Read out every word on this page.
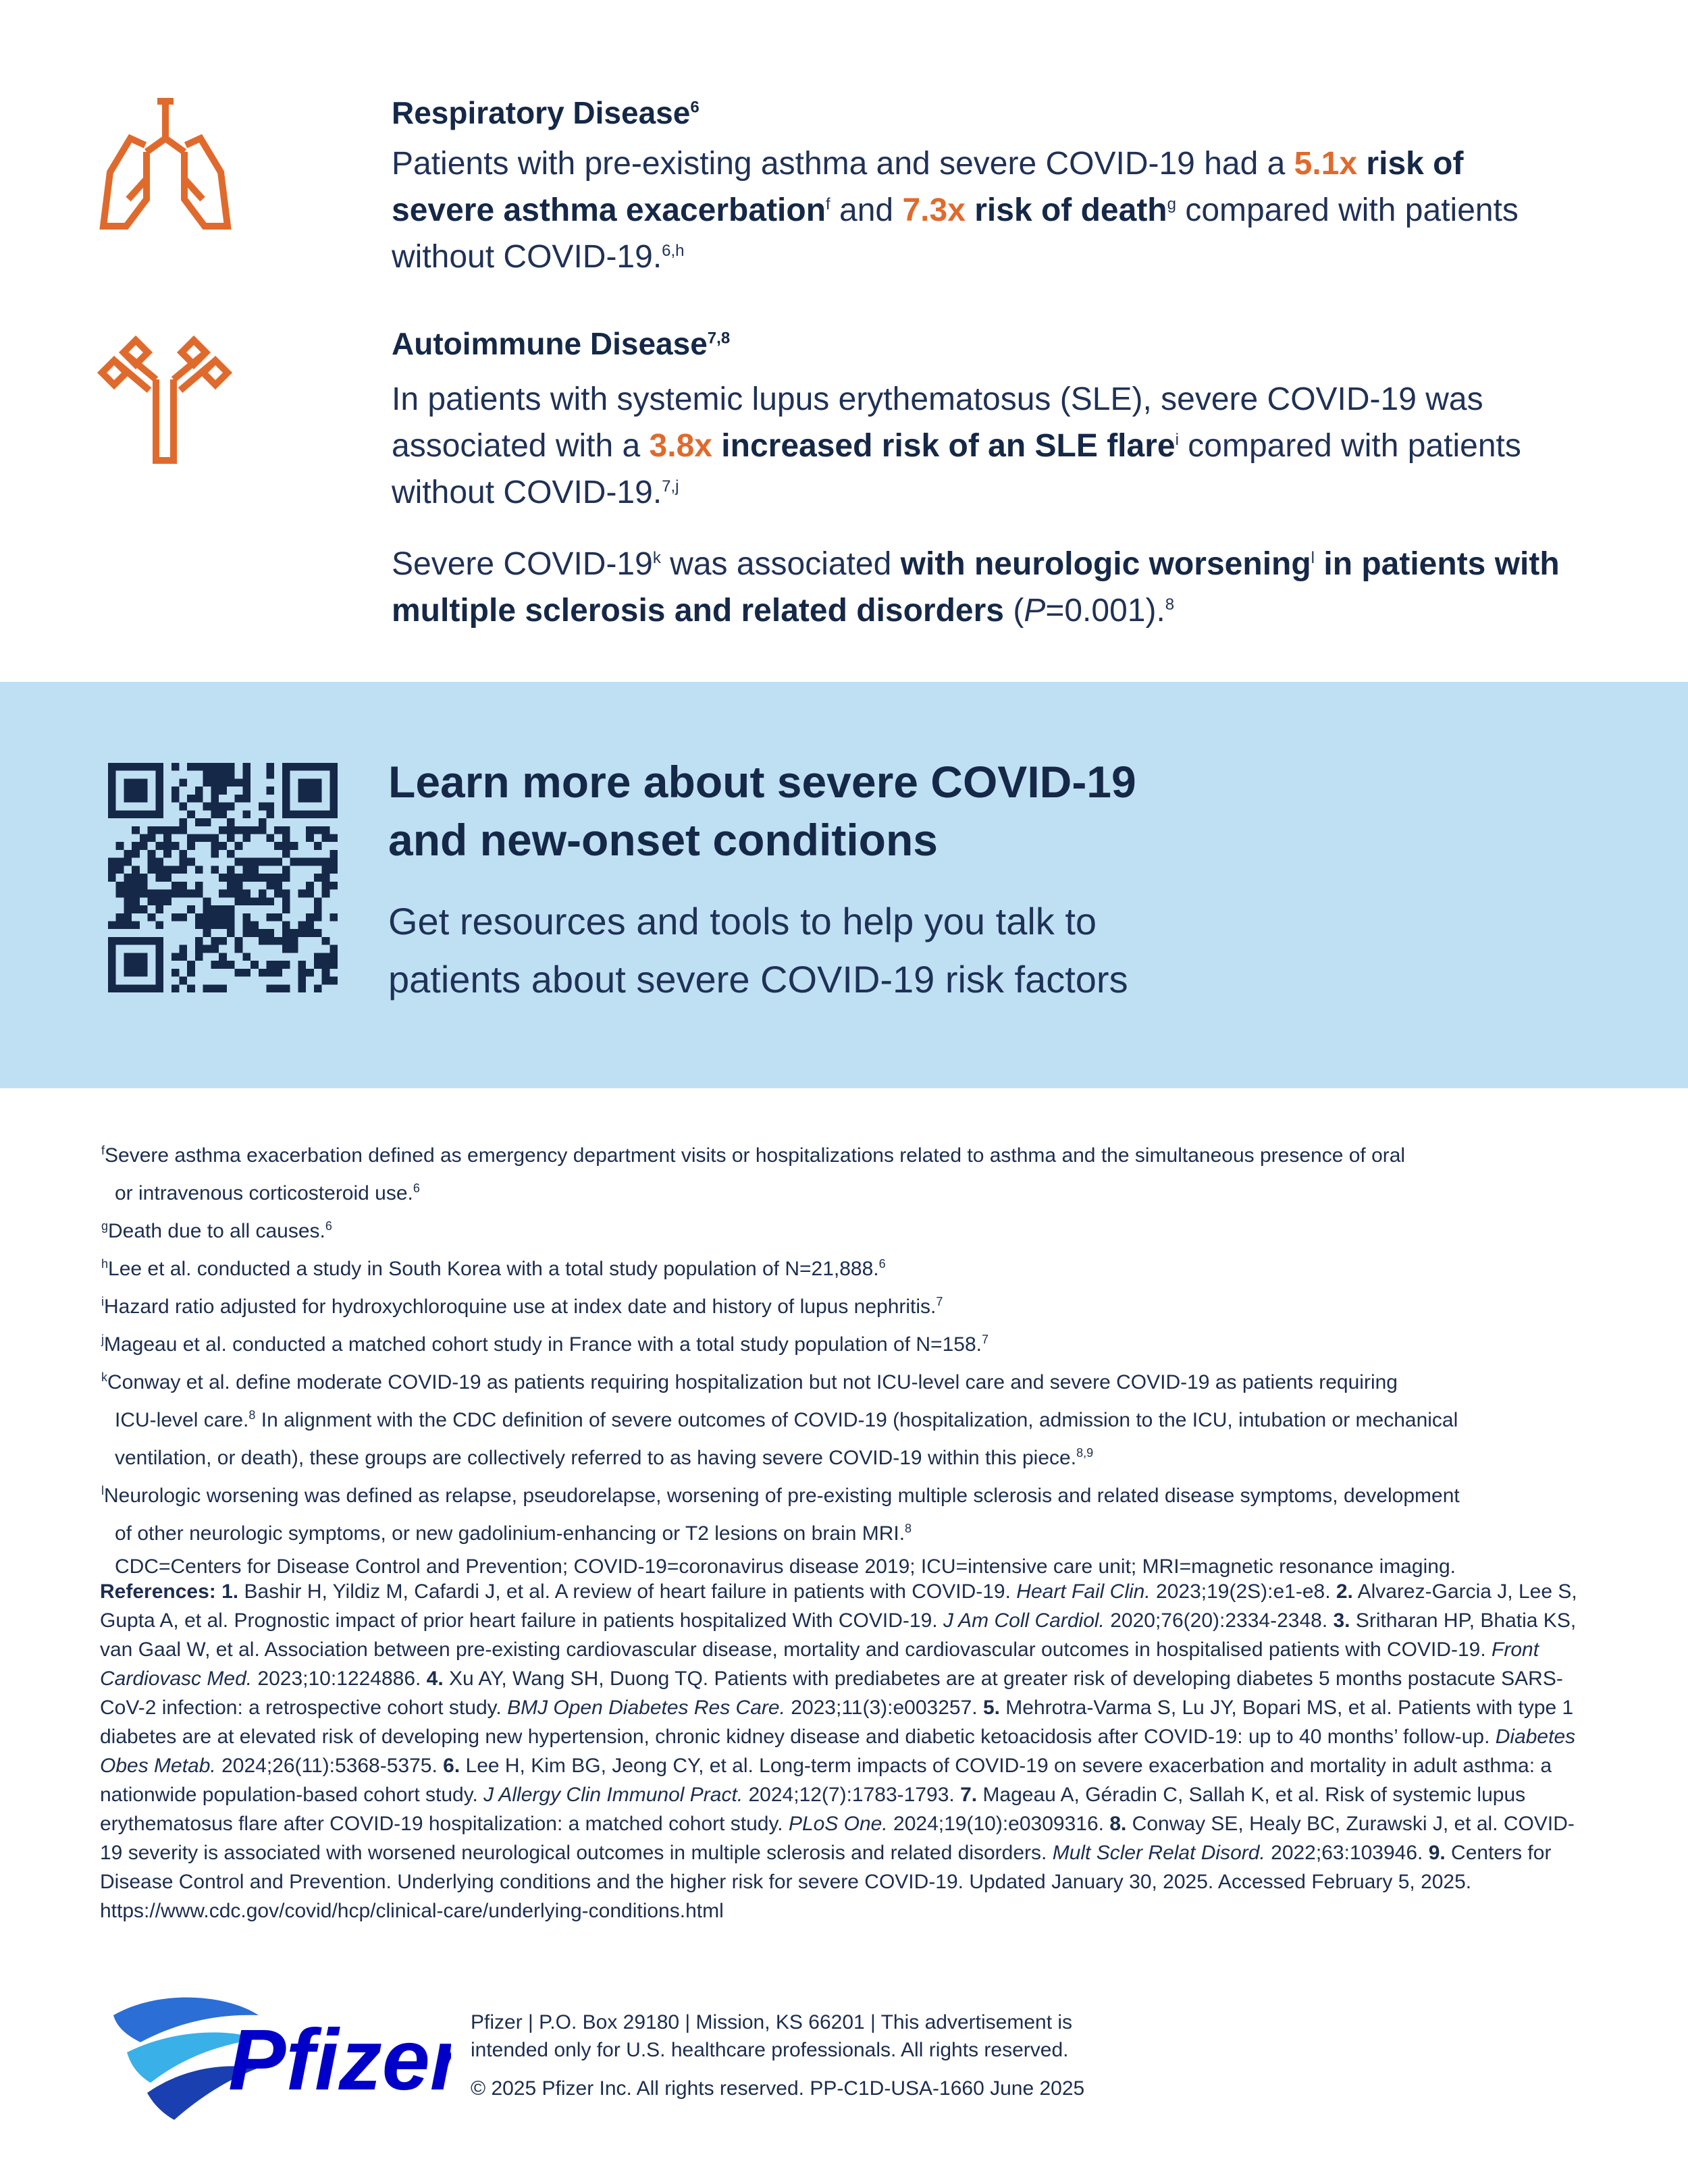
Respiratory Disease$^6$
Patients with pre-existing asthma and severe COVID-19 had a 5.1x risk of
severe asthma exacerbation$^f$ and 7.3x risk of death$^g$ compared with patients
without COVID-19.$^{6,h}$
Autoimmune Disease$^{7,8}$
In patients with systemic lupus erythematosus (SLE), severe COVID-19 was
associated with a 3.8x increased risk of an SLE flare$^i$ compared with patients
without COVID-19.$^{7,j}$
Severe COVID-19$^k$ was associated with neurologic worsening$^l$ in patients with
multiple sclerosis and related disorders (P=0.001).$^8$
Learn more about severe COVID-19
and new-onset conditions
Get resources and tools to help you talk to
patients about severe COVID-19 risk factors
$^f$Severe asthma exacerbation defined as emergency department visits or hospitalizations related to asthma and the simultaneous presence of oral
or intravenous corticosteroid use.$^6$
$^g$Death due to all causes.$^6$
$^h$Lee et al. conducted a study in South Korea with a total study population of N=21,888.$^6$
$^i$Hazard ratio adjusted for hydroxychloroquine use at index date and history of lupus nephritis.$^7$
$^j$Mageau et al. conducted a matched cohort study in France with a total study population of N=158.$^7$
$^k$Conway et al. define moderate COVID-19 as patients requiring hospitalization but not ICU-level care and severe COVID-19 as patients requiring
ICU-level care.$^8$ In alignment with the CDC definition of severe outcomes of COVID-19 (hospitalization, admission to the ICU, intubation or mechanical
ventilation, or death), these groups are collectively referred to as having severe COVID-19 within this piece.$^{8,9}$
$^l$Neurologic worsening was defined as relapse, pseudorelapse, worsening of pre-existing multiple sclerosis and related disease symptoms, development
of other neurologic symptoms, or new gadolinium-enhancing or T2 lesions on brain MRI.$^8$
CDC=Centers for Disease Control and Prevention; COVID-19=coronavirus disease 2019; ICU=intensive care unit; MRI=magnetic resonance imaging.
References: 1. Bashir H, Yildiz M, Cafardi J, et al. A review of heart failure in patients with COVID-19. Heart Fail Clin. 2023;19(2S):e1-e8. 2. Alvarez-Garcia J, Lee S, Gupta A, et al. Prognostic impact of prior heart failure in patients hospitalized With COVID-19. J Am Coll Cardiol. 2020;76(20):2334-2348. 3. Sritharan HP, Bhatia KS, van Gaal W, et al. Association between pre-existing cardiovascular disease, mortality and cardiovascular outcomes in hospitalised patients with COVID-19. Front Cardiovasc Med. 2023;10:1224886. 4. Xu AY, Wang SH, Duong TQ. Patients with prediabetes are at greater risk of developing diabetes 5 months postacute SARS-CoV-2 infection: a retrospective cohort study. BMJ Open Diabetes Res Care. 2023;11(3):e003257. 5. Mehrotra-Varma S, Lu JY, Bopari MS, et al. Patients with type 1 diabetes are at elevated risk of developing new hypertension, chronic kidney disease and diabetic ketoacidosis after COVID-19: up to 40 months’ follow-up. Diabetes Obes Metab. 2024;26(11):5368-5375. 6. Lee H, Kim BG, Jeong CY, et al. Long-term impacts of COVID-19 on severe exacerbation and mortality in adult asthma: a nationwide population-based cohort study. J Allergy Clin Immunol Pract. 2024;12(7):1783-1793. 7. Mageau A, Géradin C, Sallah K, et al. Risk of systemic lupus erythematosus flare after COVID-19 hospitalization: a matched cohort study. PLoS One. 2024;19(10):e0309316. 8. Conway SE, Healy BC, Zurawski J, et al. COVID-19 severity is associated with worsened neurological outcomes in multiple sclerosis and related disorders. Mult Scler Relat Disord. 2022;63:103946. 9. Centers for Disease Control and Prevention. Underlying conditions and the higher risk for severe COVID-19. Updated January 30, 2025. Accessed February 5, 2025. https://www.cdc.gov/covid/hcp/clinical-care/underlying-conditions.html
Pfizer Pfizer | P.O. Box 29180 | Mission, KS 66201 | This advertisement is
intended only for U.S. healthcare professionals. All rights reserved.
© 2025 Pfizer Inc. All rights reserved. PP-C1D-USA-1660 June 2025
